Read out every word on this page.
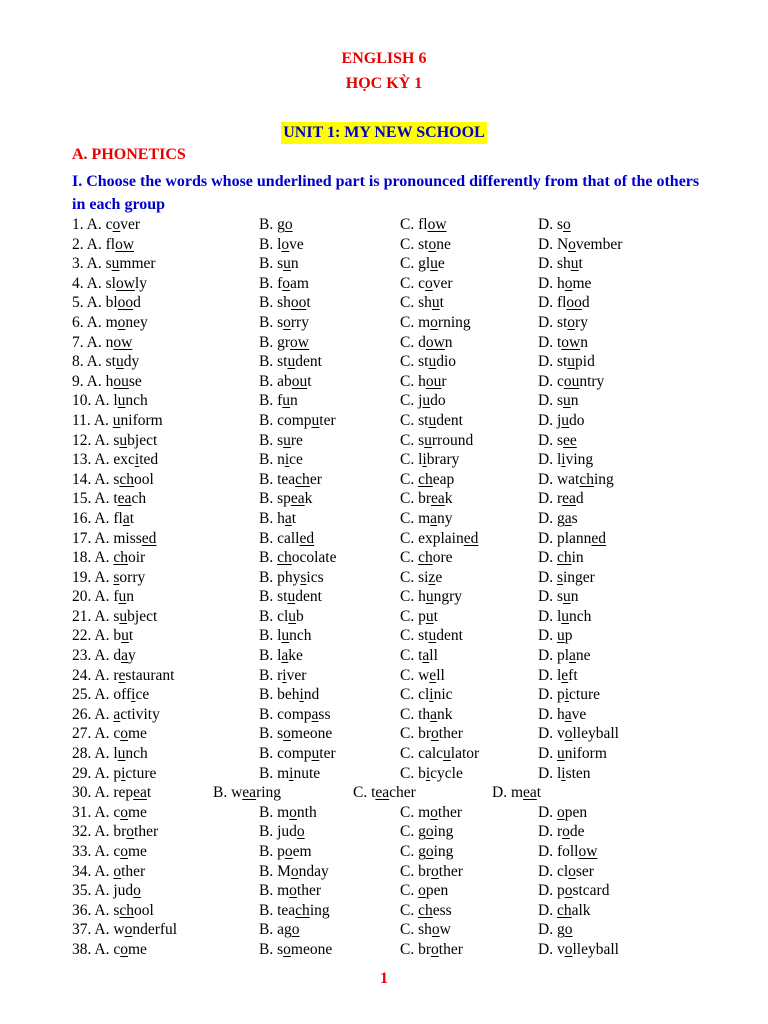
ENGLISH 6
HỌC KỲ 1
UNIT 1: MY NEW SCHOOL
A. PHONETICS
I. Choose the words whose underlined part is pronounced differently from that of the others in each group
1. A. cover	B. go	C. flow	D. so
2. A. flow	B. love	C. stone	D. November
3. A. summer	B. sun	C. glue	D. shut
4. A. slowly	B. foam	C. cover	D. home
5. A. blood	B. shoot	C. shut	D. flood
6. A. money	B. sorry	C. morning	D. story
7. A. now	B. grow	C. down	D. town
8. A. study	B. student	C. studio	D. stupid
9. A. house	B. about	C. hour	D. country
10. A. lunch	B. fun	C. judo	D. sun
11. A. uniform	B. computer	C. student	D. judo
12. A. subject	B. sure	C. surround	D. see
13. A. excited	B. nice	C. library	D. living
14. A. school	B. teacher	C. cheap	D. watching
15. A. teach	B. speak	C. break	D. read
16. A. flat	B. hat	C. many	D. gas
17. A. missed	B. called	C. explained	D. planned
18. A. choir	B. chocolate	C. chore	D. chin
19. A. sorry	B. physics	C. size	D. singer
20. A. fun	B. student	C. hungry	D. sun
21. A. subject	B. club	C. put	D. lunch
22. A. but	B. lunch	C. student	D. up
23. A. day	B. lake	C. tall	D. plane
24. A. restaurant	B. river	C. well	D. left
25. A. office	B. behind	C. clinic	D. picture
26. A. activity	B. compass	C. thank	D. have
27. A. come	B. someone	C. brother	D. volleyball
28. A. lunch	B. computer	C. calculator	D. uniform
29. A. picture	B. minute	C. bicycle	D. listen
30. A. repeat	B. wearing	C. teacher	D. meat
31. A. come	B. month	C. mother	D. open
32. A. brother	B. judo	C. going	D. rode
33. A. come	B. poem	C. going	D. follow
34. A. other	B. Monday	C. brother	D. closer
35. A. judo	B. mother	C. open	D. postcard
36. A. school	B. teaching	C. chess	D. chalk
37. A. wonderful	B. ago	C. show	D. go
38. A. come	B. someone	C. brother	D. volleyball
1
